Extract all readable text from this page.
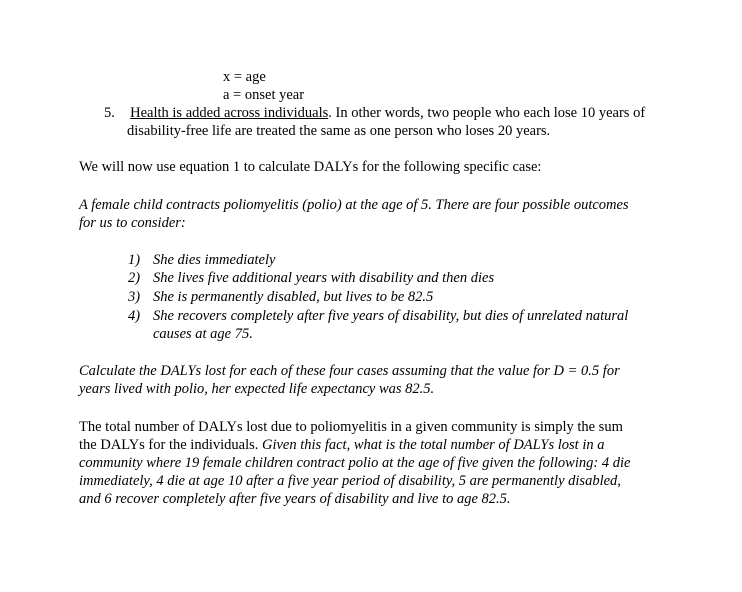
x = age
a = onset year
5. Health is added across individuals. In other words, two people who each lose 10 years of
disability-free life are treated the same as one person who loses 20 years.
We will now use equation 1 to calculate DALYs for the following specific case:
A female child contracts poliomyelitis (polio) at the age of 5. There are four possible outcomes
for us to consider:
1) She dies immediately
2) She lives five additional years with disability and then dies
3) She is permanently disabled, but lives to be 82.5
4) She recovers completely after five years of disability, but dies of unrelated natural
causes at age 75.
Calculate the DALYs lost for each of these four cases assuming that the value for D = 0.5 for
years lived with polio, her expected life expectancy was 82.5.
The total number of DALYs lost due to poliomyelitis in a given community is simply the sum
the DALYs for the individuals. Given this fact, what is the total number of DALYs lost in a
community where 19 female children contract polio at the age of five given the following: 4 die
immediately, 4 die at age 10 after a five year period of disability, 5 are permanently disabled,
and 6 recover completely after five years of disability and live to age 82.5.
